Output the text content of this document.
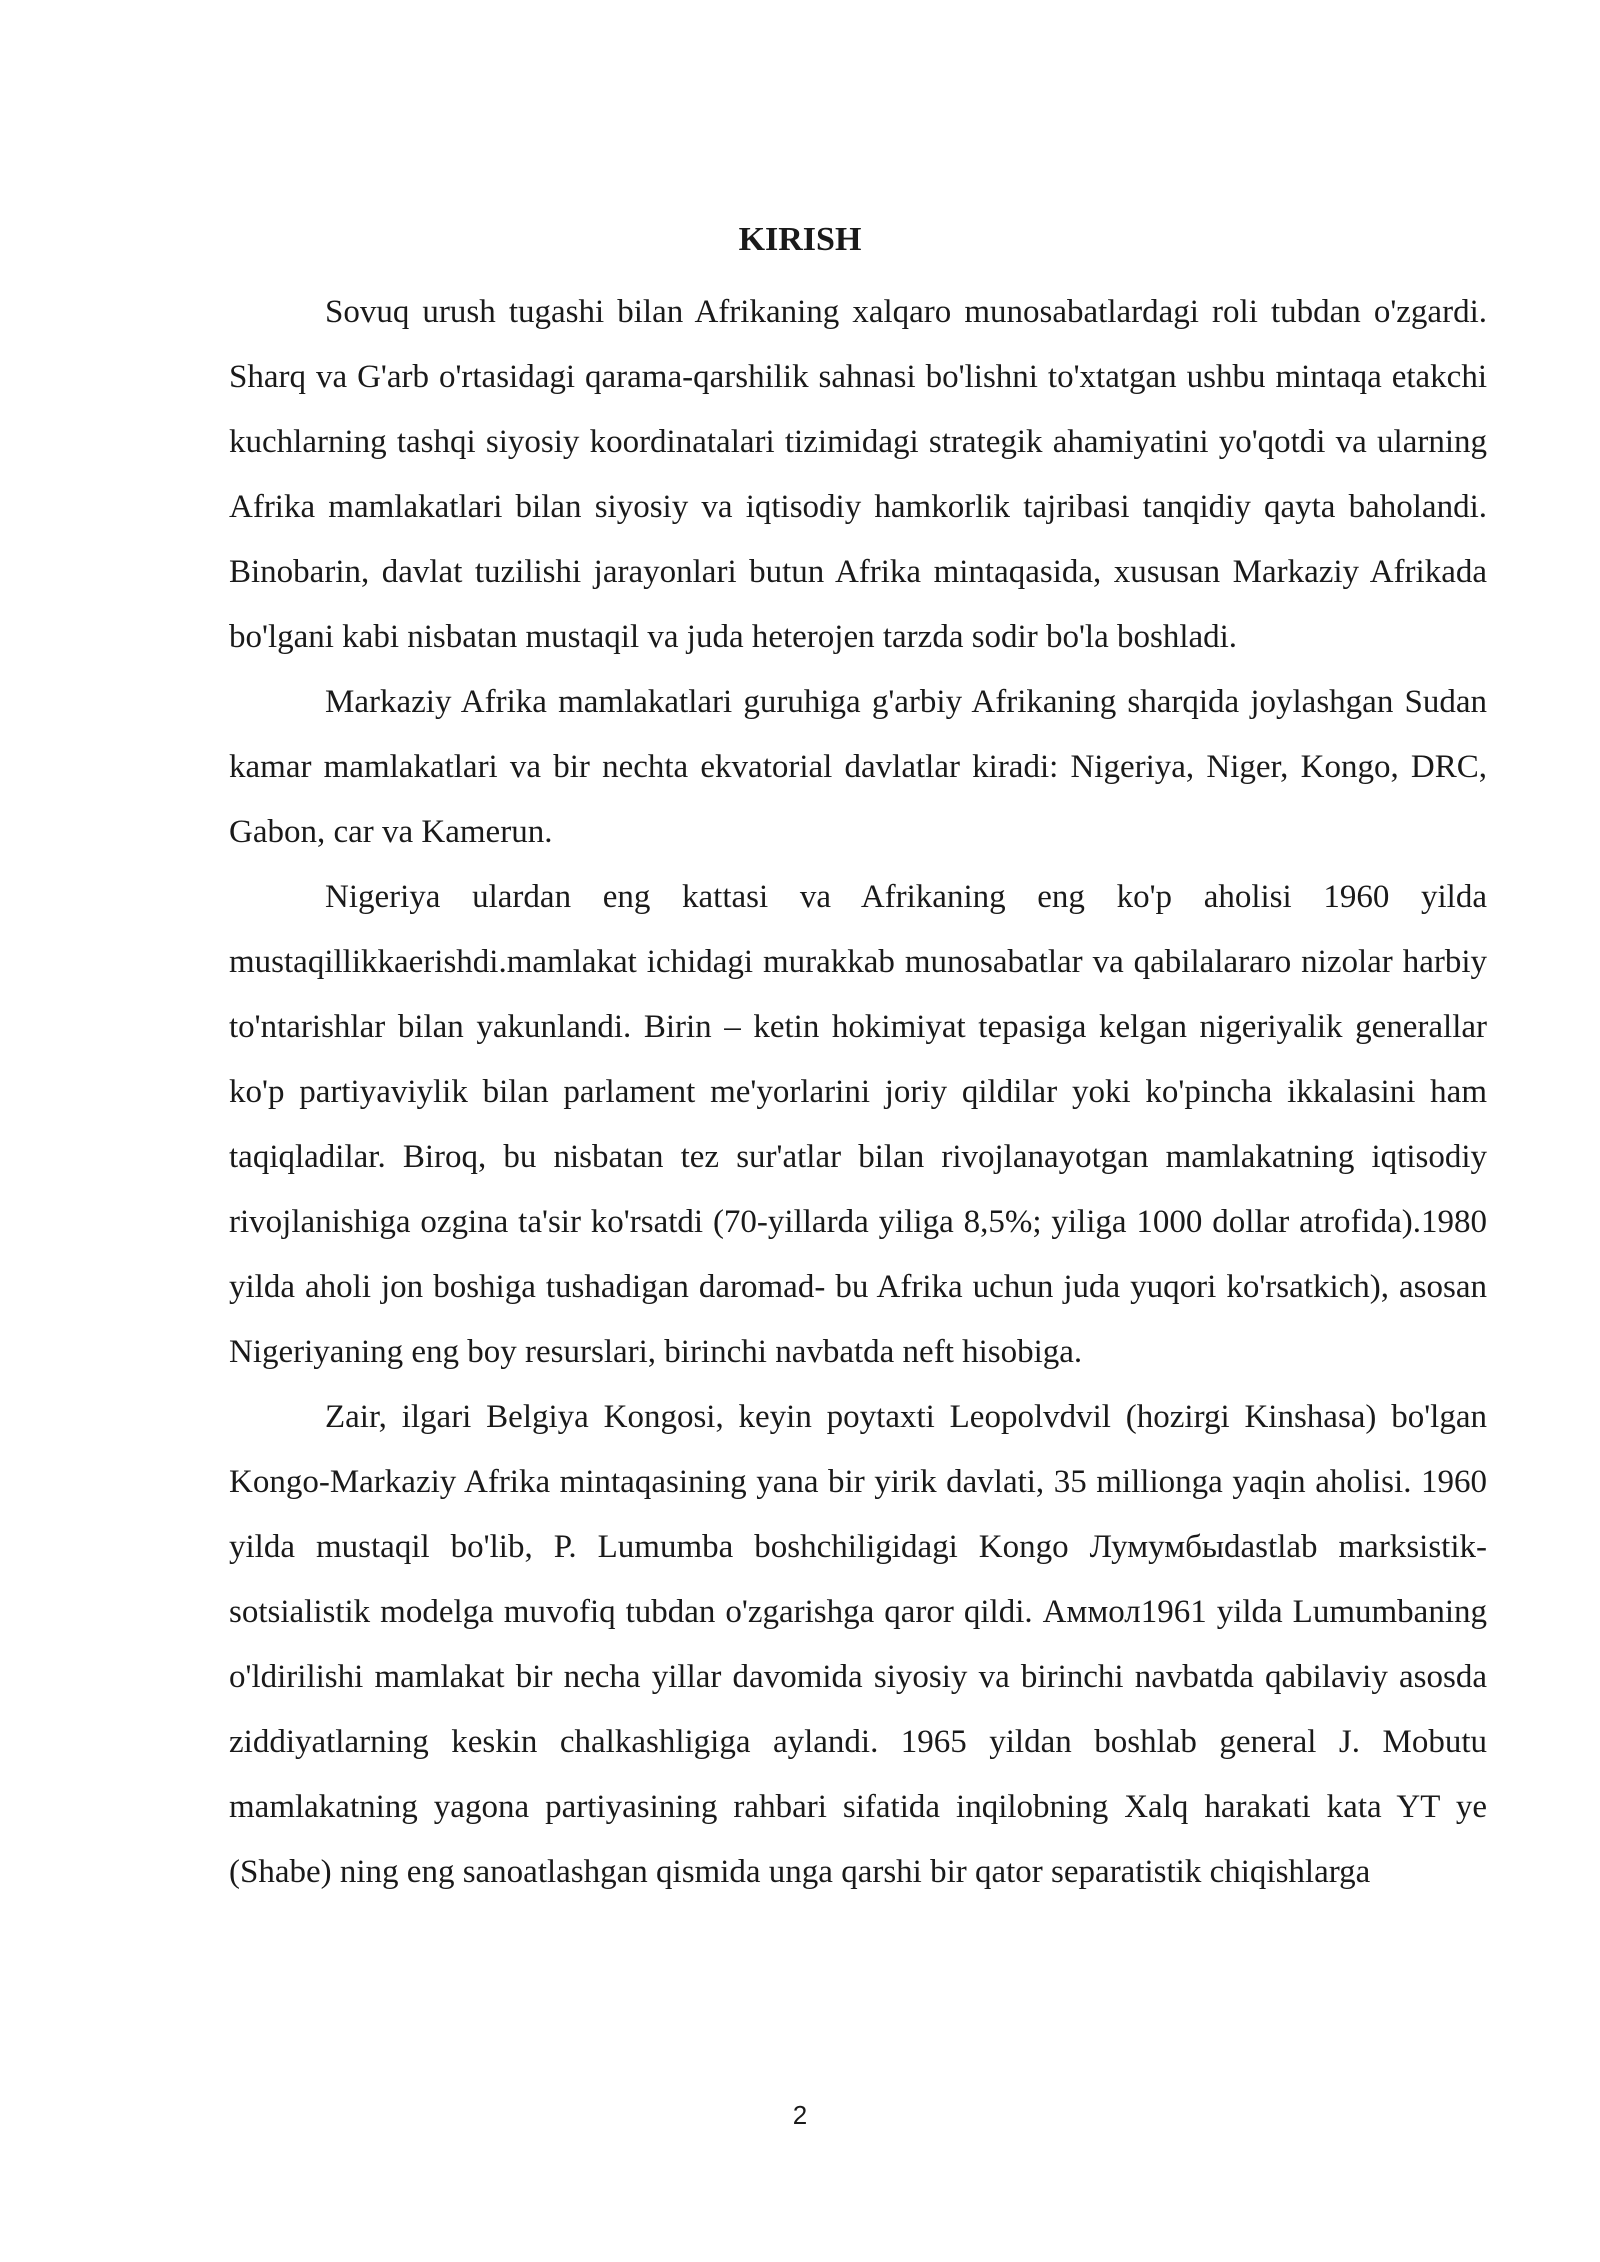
KIRISH

Sovuq urush tugashi bilan Afrikaning xalqaro munosabatlardagi roli tubdan o'zgardi. Sharq va G'arb o'rtasidagi qarama-qarshilik sahnasi bo'lishni to'xtatgan ushbu mintaqa etakchi kuchlarning tashqi siyosiy koordinatalari tizimidagi strategik ahamiyatini yo'qotdi va ularning Afrika mamlakatlari bilan siyosiy va iqtisodiy hamkorlik tajribasi tanqidiy qayta baholandi. Binobarin, davlat tuzilishi jarayonlari butun Afrika mintaqasida, xususan Markaziy Afrikada bo'lgani kabi nisbatan mustaqil va juda heterojen tarzda sodir bo'la boshladi.

Markaziy Afrika mamlakatlari guruhiga g'arbiy Afrikaning sharqida joylashgan Sudan kamar mamlakatlari va bir nechta ekvatorial davlatlar kiradi: Nigeriya, Niger, Kongo, DRC, Gabon, car va Kamerun.

Nigeriya ulardan eng kattasi va Afrikaning eng ko'p aholisi 1960 yilda mustaqillikkaerishdi.mamlakat ichidagi murakkab munosabatlar va qabilalararo nizolar harbiy to'ntarishlar bilan yakunlandi. Birin – ketin hokimiyat tepasiga kelgan nigeriyalik generallar ko'p partiyaviylik bilan parlament me'yorlarini joriy qildilar yoki ko'pincha ikkalasini ham taqiqladilar. Biroq, bu nisbatan tez sur'atlar bilan rivojlanayotgan mamlakatning iqtisodiy rivojlanishiga ozgina ta'sir ko'rsatdi (70-yillarda yiliga 8,5%; yiliga 1000 dollar atrofida).1980 yilda aholi jon boshiga tushadigan daromad- bu Afrika uchun juda yuqori ko'rsatkich), asosan Nigeriyaning eng boy resurslari, birinchi navbatda neft hisobiga.

Zair, ilgari Belgiya Kongosi, keyin poytaxti Leopolvdvil (hozirgi Kinshasa) bo'lgan Kongo-Markaziy Afrika mintaqasining yana bir yirik davlati, 35 millionga yaqin aholisi. 1960 yilda mustaqil bo'lib, P. Lumumba boshchiligidagi Kongo Лумумбыdastlab marksistik-sotsialistik modelga muvofiq tubdan o'zgarishga qaror qildi. Аммол1961 yilda Lumumbaning o'ldirilishi mamlakat bir necha yillar davomida siyosiy va birinchi navbatda qabilaviy asosda ziddiyatlarning keskin chalkashligiga aylandi. 1965 yildan boshlab general J. Mobutu mamlakatning yagona partiyasining rahbari sifatida inqilobning Xalq harakati kata YT ye (Shabe) ning eng sanoatlashgan qismida unga qarshi bir qator separatistik chiqishlarga

2
